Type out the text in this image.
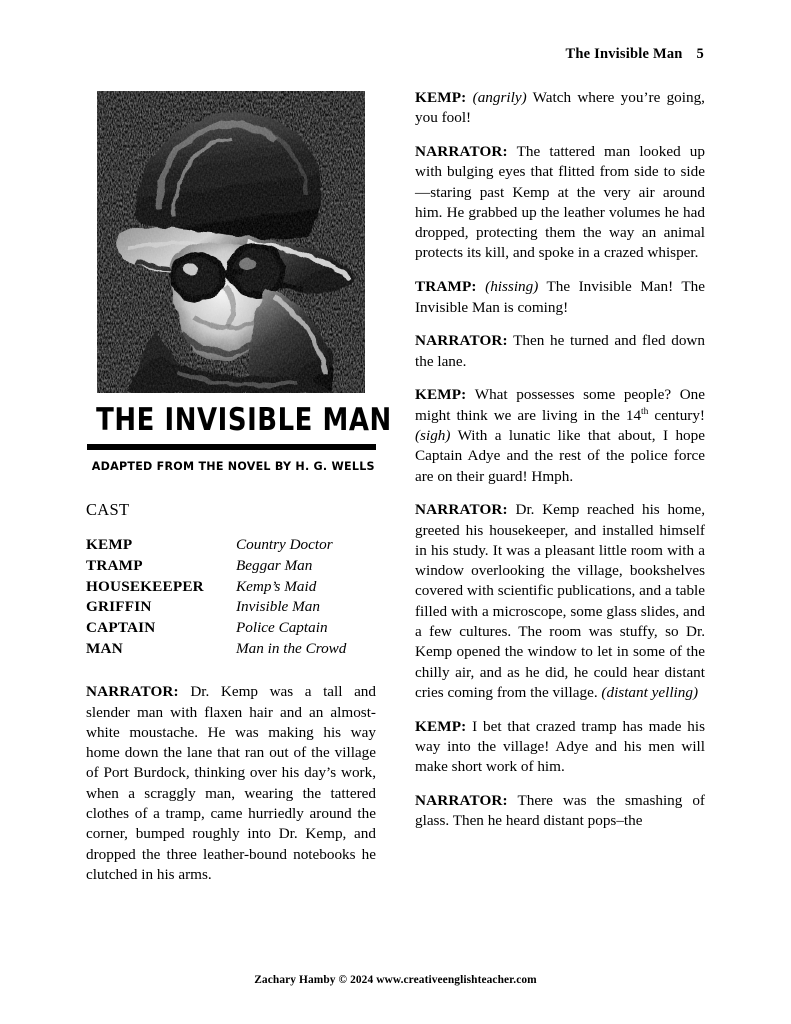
The Invisible Man 5
THE INVISIBLE MAN
ADAPTED FROM THE NOVEL BY H. G. WELLS
CAST
KEMP	Country Doctor
TRAMP	Beggar Man
HOUSEKEEPER	Kemp’s Maid
GRIFFIN	Invisible Man
CAPTAIN	Police Captain
MAN	Man in the Crowd

NARRATOR: Dr. Kemp was a tall and slender man with flaxen hair and an almost-white moustache. He was making his way home down the lane that ran out of the village of Port Burdock, thinking over his day’s work, when a scraggly man, wearing the tattered clothes of a tramp, came hurriedly around the corner, bumped roughly into Dr. Kemp, and dropped the three leather-bound notebooks he clutched in his arms.

KEMP: (angrily) Watch where you’re going, you fool!

NARRATOR: The tattered man looked up with bulging eyes that flitted from side to side—staring past Kemp at the very air around him. He grabbed up the leather volumes he had dropped, protecting them the way an animal protects its kill, and spoke in a crazed whisper.

TRAMP: (hissing) The Invisible Man! The Invisible Man is coming!

NARRATOR: Then he turned and fled down the lane.

KEMP: What possesses some people? One might think we are living in the 14th century! (sigh) With a lunatic like that about, I hope Captain Adye and the rest of the police force are on their guard! Hmph.

NARRATOR: Dr. Kemp reached his home, greeted his housekeeper, and installed himself in his study. It was a pleasant little room with a window overlooking the village, bookshelves covered with scientific publications, and a table filled with a microscope, some glass slides, and a few cultures. The room was stuffy, so Dr. Kemp opened the window to let in some of the chilly air, and as he did, he could hear distant cries coming from the village. (distant yelling)

KEMP: I bet that crazed tramp has made his way into the village! Adye and his men will make short work of him.

NARRATOR: There was the smashing of glass. Then he heard distant pops–the

Zachary Hamby © 2024 www.creativeenglishteacher.com
